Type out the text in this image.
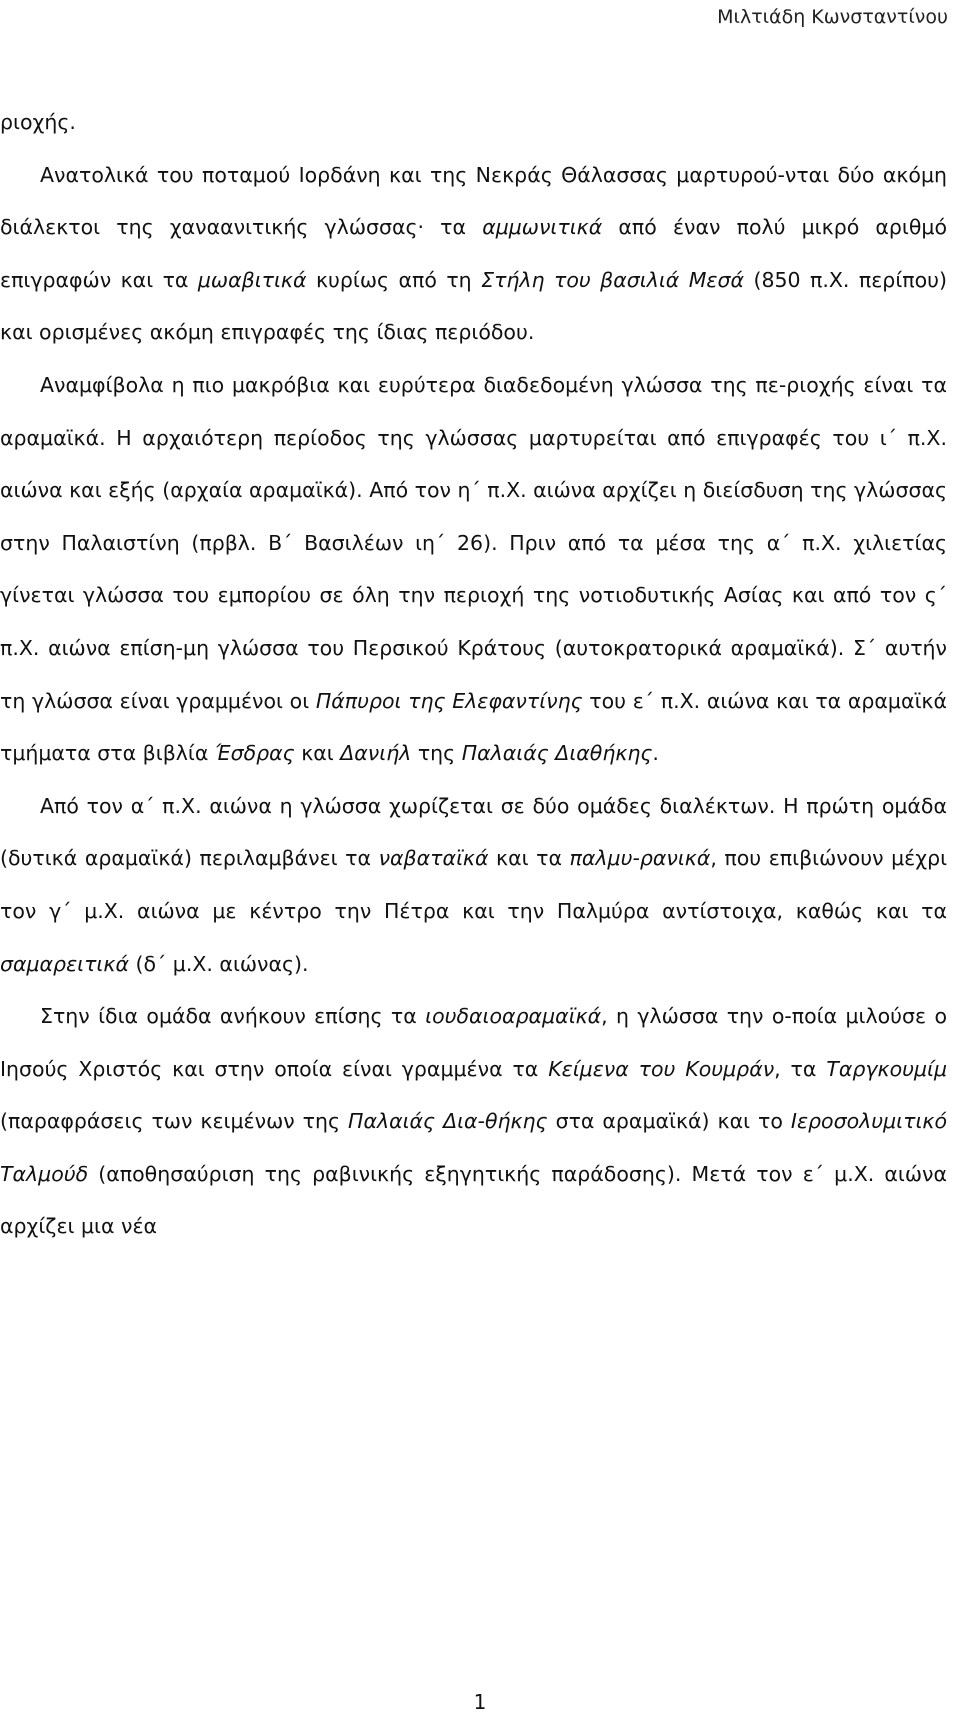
Μιλτιάδη Κωνσταντίνου

ριοχής.

Ανατολικά του ποταμού Ιορδάνη και της Νεκράς Θάλασσας μαρτυρού-νται δύο ακόμη διάλεκτοι της χαναανιτικής γλώσσας· τα αμμωνιτικά από έναν πολύ μικρό αριθμό επιγραφών και τα μωαβιτικά κυρίως από τη Στήλη του βασιλιά Μεσά (850 π.Χ. περίπου) και ορισμένες ακόμη επιγραφές της ίδιας περιόδου.

Αναμφίβολα η πιο μακρόβια και ευρύτερα διαδεδομένη γλώσσα της πε-ριοχής είναι τα αραμαϊκά. Η αρχαιότερη περίοδος της γλώσσας μαρτυρείται από επιγραφές του ι΄ π.Χ. αιώνα και εξής (αρχαία αραμαϊκά). Από τον η΄ π.Χ. αιώνα αρχίζει η διείσδυση της γλώσσας στην Παλαιστίνη (πρβλ. Β΄ Βασιλέων ιη΄ 26). Πριν από τα μέσα της α΄ π.Χ. χιλιετίας γίνεται γλώσσα του εμπορίου σε όλη την περιοχή της νοτιοδυτικής Ασίας και από τον ς΄ π.Χ. αιώνα επίση-μη γλώσσα του Περσικού Κράτους (αυτοκρατορικά αραμαϊκά). Σ΄ αυτήν τη γλώσσα είναι γραμμένοι οι Πάπυροι της Ελεφαντίνης του ε΄ π.Χ. αιώνα και τα αραμαϊκά τμήματα στα βιβλία Έσδρας και Δανιήλ της Παλαιάς Διαθήκης.

Από τον α΄ π.Χ. αιώνα η γλώσσα χωρίζεται σε δύο ομάδες διαλέκτων. Η πρώτη ομάδα (δυτικά αραμαϊκά) περιλαμβάνει τα ναβαταϊκά και τα παλμυ-ρανικά, που επιβιώνουν μέχρι τον γ΄ μ.Χ. αιώνα με κέντρο την Πέτρα και την Παλμύρα αντίστοιχα, καθώς και τα σαμαρειτικά (δ΄ μ.Χ. αιώνας).

Στην ίδια ομάδα ανήκουν επίσης τα ιουδαιοαραμαϊκά, η γλώσσα την ο-ποία μιλούσε ο Ιησούς Χριστός και στην οποία είναι γραμμένα τα Κείμενα του Κουμράν, τα Ταργκουμίμ (παραφράσεις των κειμένων της Παλαιάς Δια-θήκης στα αραμαϊκά) και το Ιεροσολυμιτικό Ταλμούδ (αποθησαύριση της ραβινικής εξηγητικής παράδοσης). Μετά τον ε΄ μ.Χ. αιώνα αρχίζει μια νέα

1
